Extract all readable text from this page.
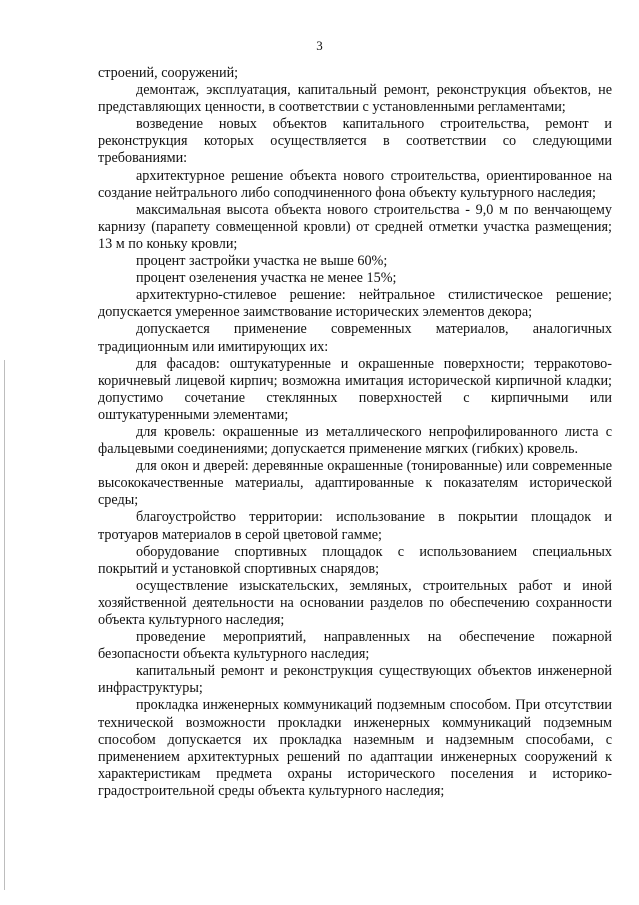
3

строений, сооружений;

демонтаж, эксплуатация, капитальный ремонт, реконструкция объектов, не представляющих ценности, в соответствии с установленными регламентами;

возведение новых объектов капитального строительства, ремонт и реконструкция которых осуществляется в соответствии со следующими требованиями:

архитектурное решение объекта нового строительства, ориентированное на создание нейтрального либо соподчиненного фона объекту культурного наследия;

максимальная высота объекта нового строительства - 9,0 м по венчающему карнизу (парапету совмещенной кровли) от средней отметки участка размещения; 13 м по коньку кровли;

процент застройки участка не выше 60%;

процент озеленения участка не менее 15%;

архитектурно-стилевое решение: нейтральное стилистическое решение; допускается умеренное заимствование исторических элементов декора;

допускается применение современных материалов, аналогичных традиционным или имитирующих их:

для фасадов: оштукатуренные и окрашенные поверхности; терракотово-коричневый лицевой кирпич; возможна имитация исторической кирпичной кладки; допустимо сочетание стеклянных поверхностей с кирпичными или оштукатуренными элементами;

для кровель: окрашенные из металлического непрофилированного листа с фальцевыми соединениями; допускается применение мягких (гибких) кровель.

для окон и дверей: деревянные окрашенные (тонированные) или современные высококачественные материалы, адаптированные к показателям исторической среды;

благоустройство территории: использование в покрытии площадок и тротуаров материалов в серой цветовой гамме;

оборудование спортивных площадок с использованием специальных покрытий и установкой спортивных снарядов;

осуществление изыскательских, земляных, строительных работ и иной хозяйственной деятельности на основании разделов по обеспечению сохранности объекта культурного наследия;

проведение мероприятий, направленных на обеспечение пожарной безопасности объекта культурного наследия;

капитальный ремонт и реконструкция существующих объектов инженерной инфраструктуры;

прокладка инженерных коммуникаций подземным способом. При отсутствии технической возможности прокладки инженерных коммуникаций подземным способом допускается их прокладка наземным и надземным способами, с применением архитектурных решений по адаптации инженерных сооружений к характеристикам предмета охраны исторического поселения и историко-градостроительной среды объекта культурного наследия;
